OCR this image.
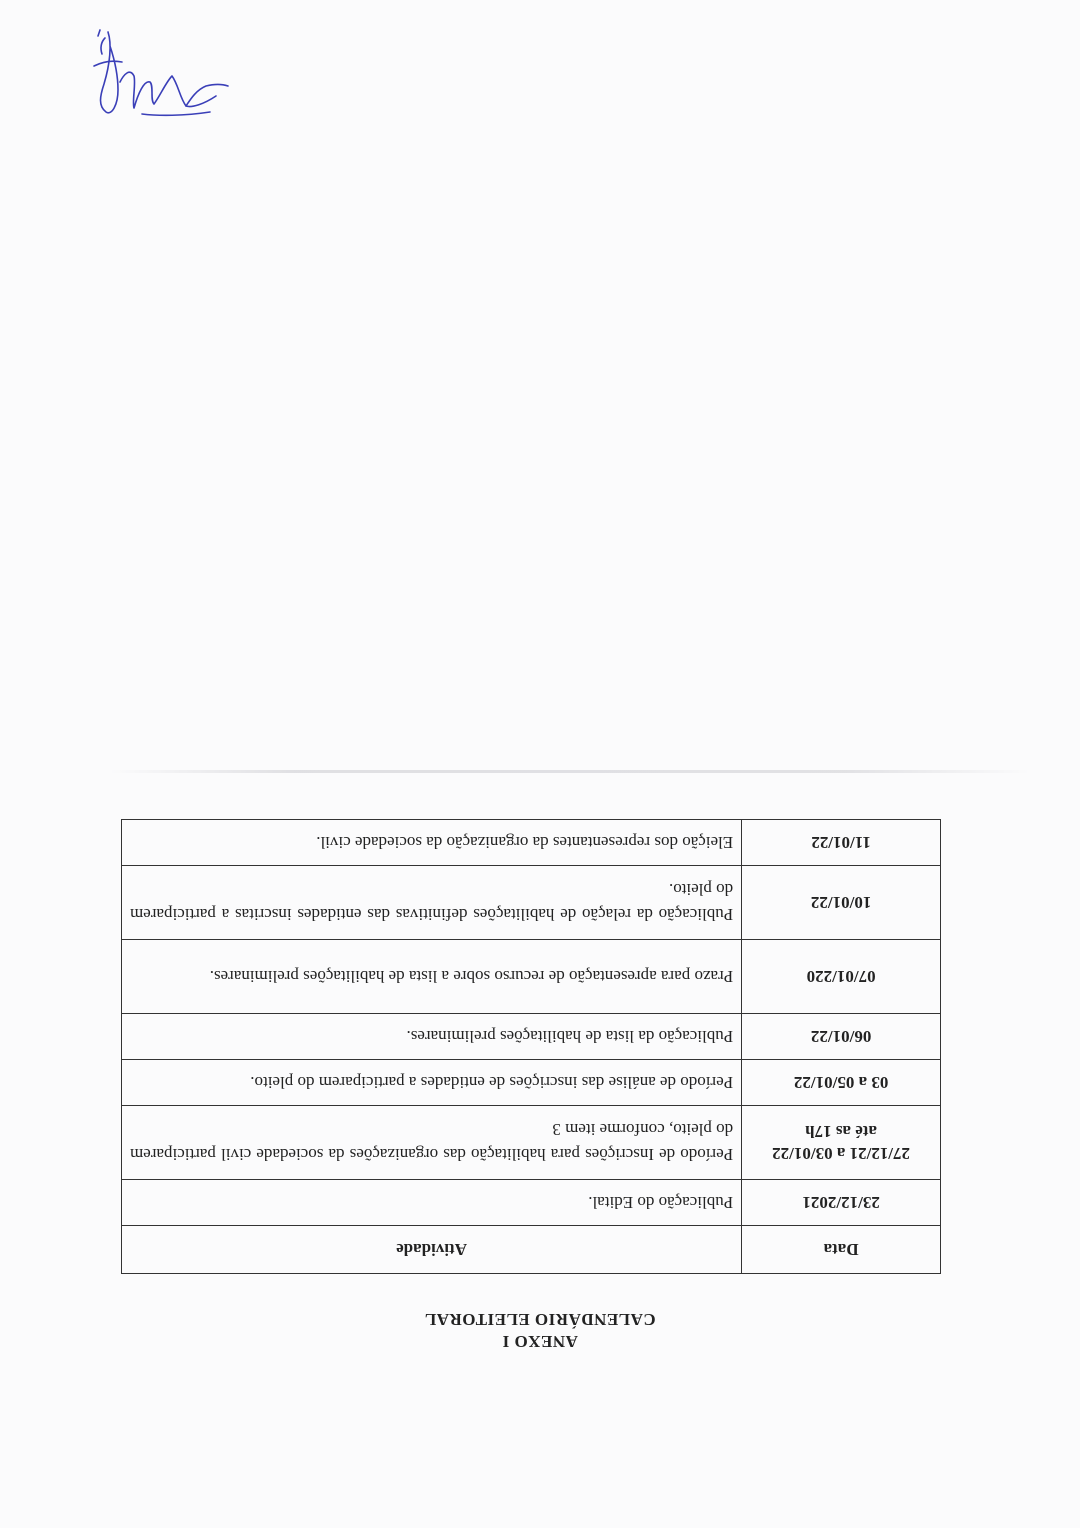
ANEXO I
CALENDÁRIO ELEITORAL
Data	Atividade
23/12/2021	Publicação do Edital.

27/12/21 a 03/01/22
até as 17h	Período de Inscrições para habilitação das organizações da sociedade civil participarem do pleito, conforme item 3
03 a 05/01/22	Período de análise das inscrições de entidades a participarem do pleito.
06/01/22	Publicação da lista de habilitações preliminares.
07/01/220	Prazo para apresentação de recurso sobre a lista de habilitações preliminares.
10/01/22	Publicação da relação de habilitações definitivas das entidades inscritas a participarem do pleito.
11/01/22	Eleição dos representantes da organização da sociedade civil.
